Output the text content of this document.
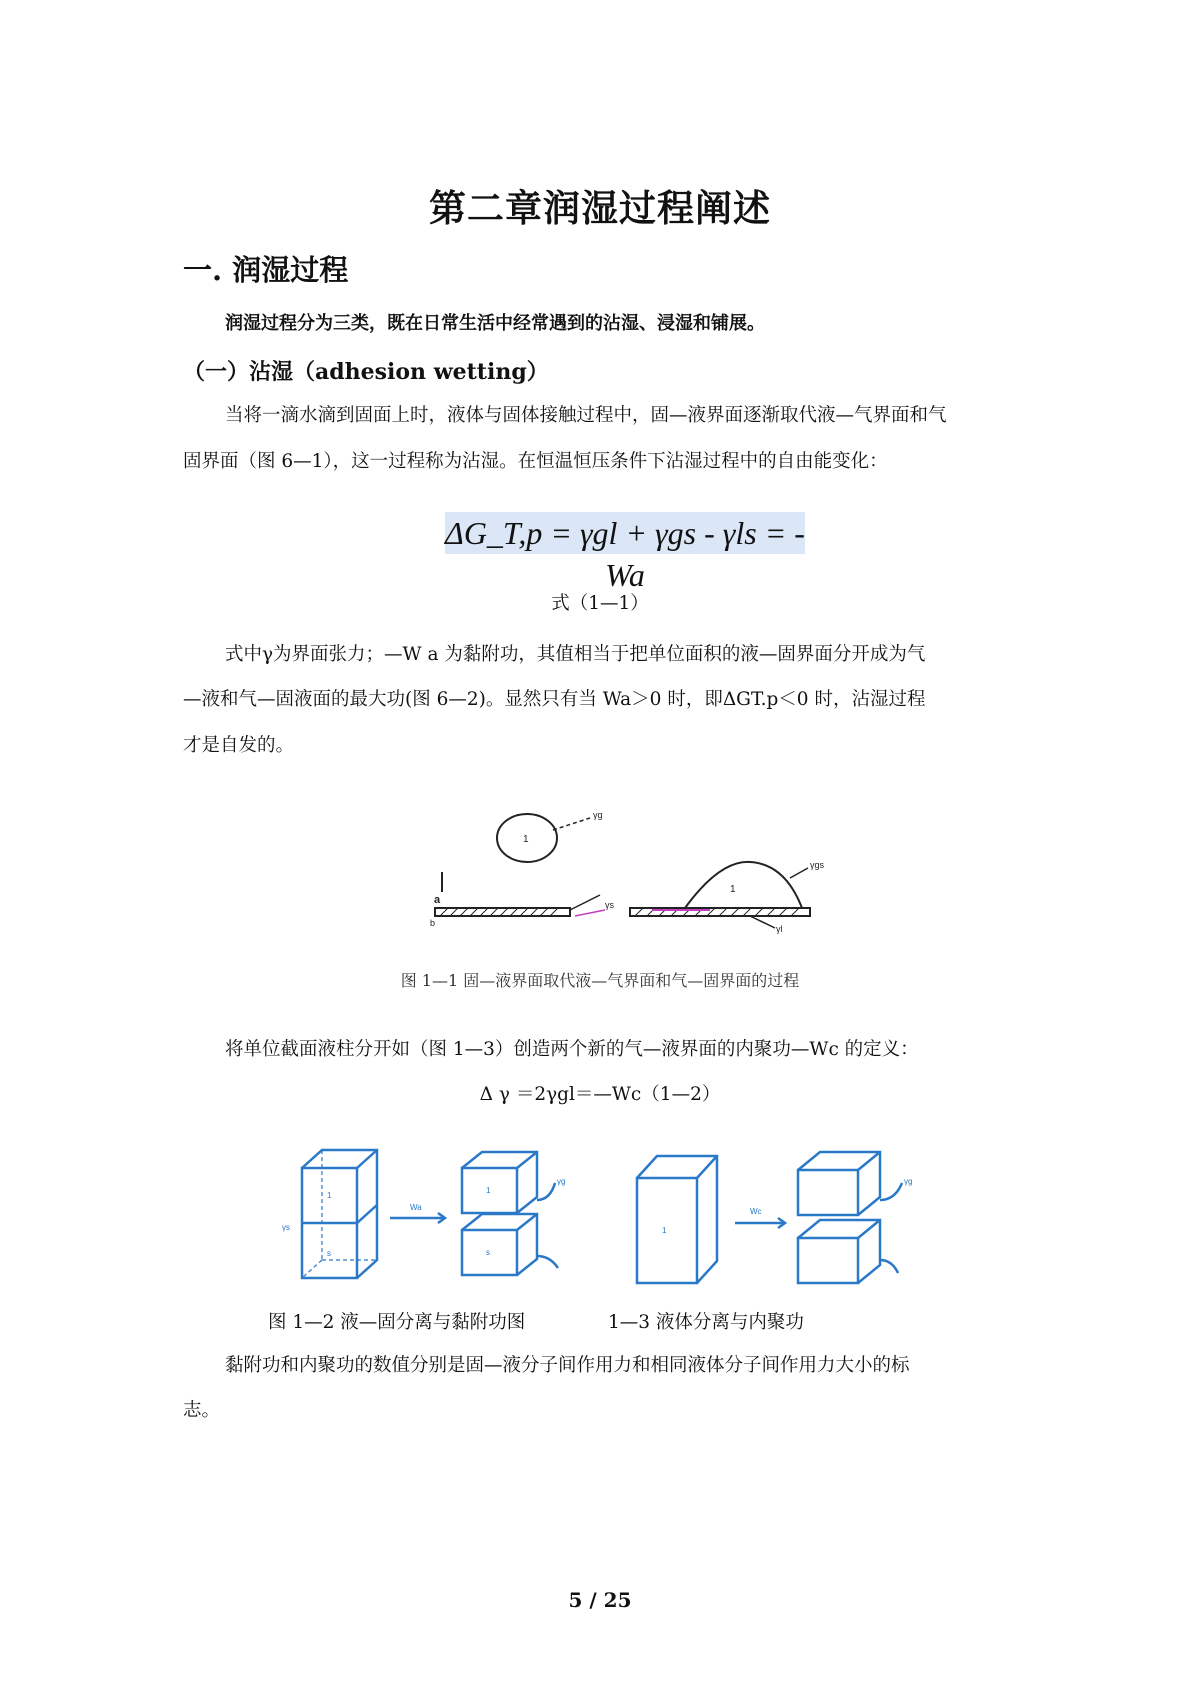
第二章润湿过程阐述
一. 润湿过程
润湿过程分为三类，既在日常生活中经常遇到的沾湿、浸湿和铺展。
（一）沾湿（adhesion wetting）
当将一滴水滴到固面上时，液体与固体接触过程中，固—液界面逐渐取代液—气界面和气
固界面（图 6—1），这一过程称为沾湿。在恒温恒压条件下沾湿过程中的自由能变化：
ΔG_T,p = γgl + γgs - γls = - Wa
式（1—1）
式中γ为界面张力；—W a 为黏附功，其值相当于把单位面积的液—固界面分开成为气
—液和气—固液面的最大功(图 6—2)。显然只有当 Wa＞0 时，即ΔGT.p＜0 时，沾湿过程
才是自发的。
1
γg
a
b
γs
1
γgs
γl
图 1—1 固—液界面取代液—气界面和气—固界面的过程
将单位截面液柱分开如（图 1—3）创造两个新的气—液界面的内聚功—Wc 的定义：
Δ γ ＝2γgl＝—Wc（1—2）
1
s
γs
Wa
1
s
γg
1
Wc
γg
图 1—2 液—固分离与黏附功图	1—3 液体分离与内聚功
黏附功和内聚功的数值分别是固—液分子间作用力和相同液体分子间作用力大小的标
志。
5 / 25
